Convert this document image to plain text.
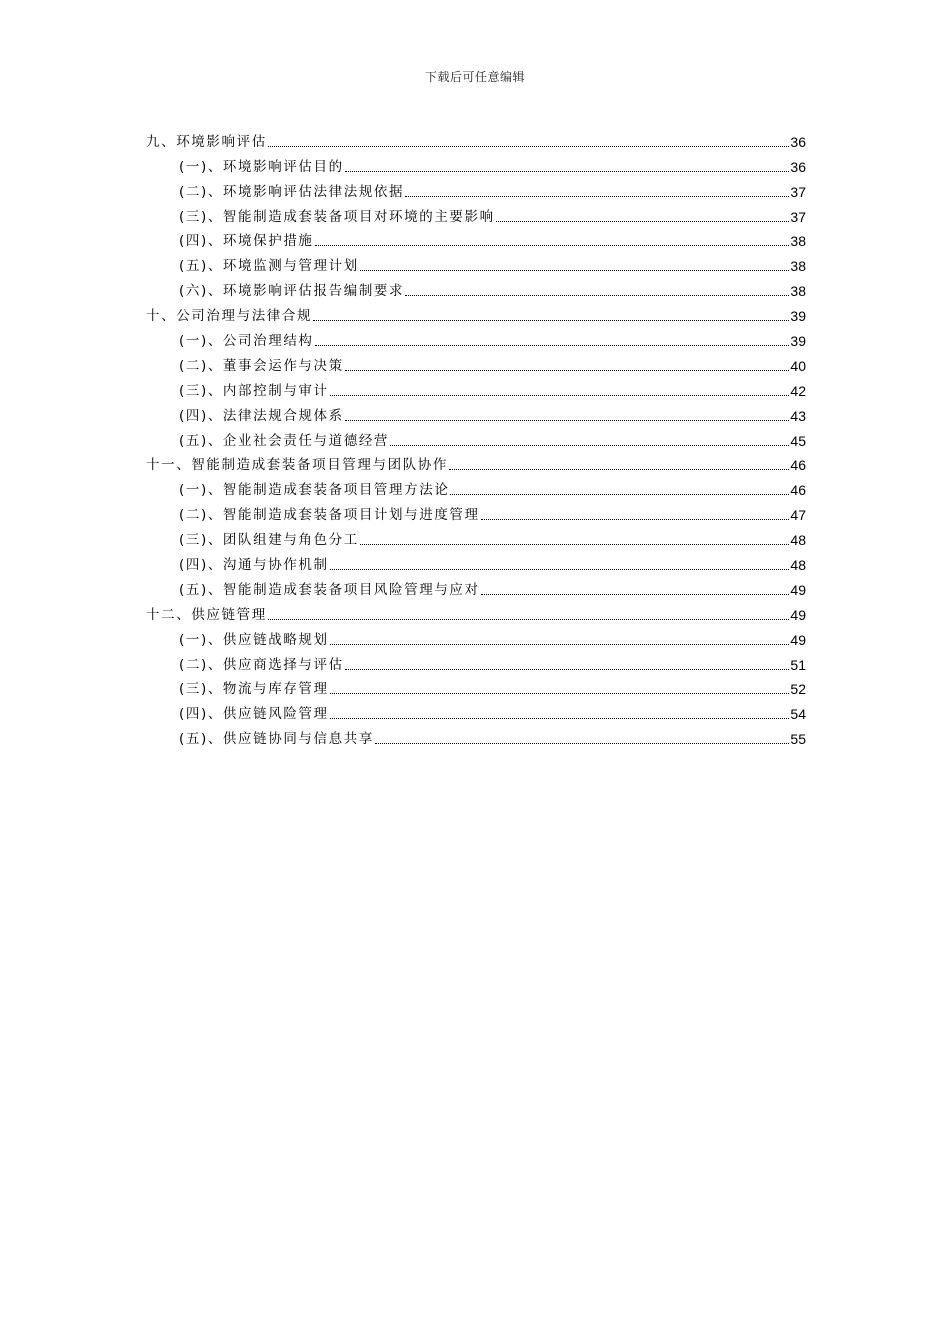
下载后可任意编辑
九、环境影响评估	36
(一)、环境影响评估目的	36
(二)、环境影响评估法律法规依据	37
(三)、智能制造成套装备项目对环境的主要影响	37
(四)、环境保护措施	38
(五)、环境监测与管理计划	38
(六)、环境影响评估报告编制要求	38
十、公司治理与法律合规	39
(一)、公司治理结构	39
(二)、董事会运作与决策	40
(三)、内部控制与审计	42
(四)、法律法规合规体系	43
(五)、企业社会责任与道德经营	45
十一、智能制造成套装备项目管理与团队协作	46
(一)、智能制造成套装备项目管理方法论	46
(二)、智能制造成套装备项目计划与进度管理	47
(三)、团队组建与角色分工	48
(四)、沟通与协作机制	48
(五)、智能制造成套装备项目风险管理与应对	49
十二、供应链管理	49
(一)、供应链战略规划	49
(二)、供应商选择与评估	51
(三)、物流与库存管理	52
(四)、供应链风险管理	54
(五)、供应链协同与信息共享	55
